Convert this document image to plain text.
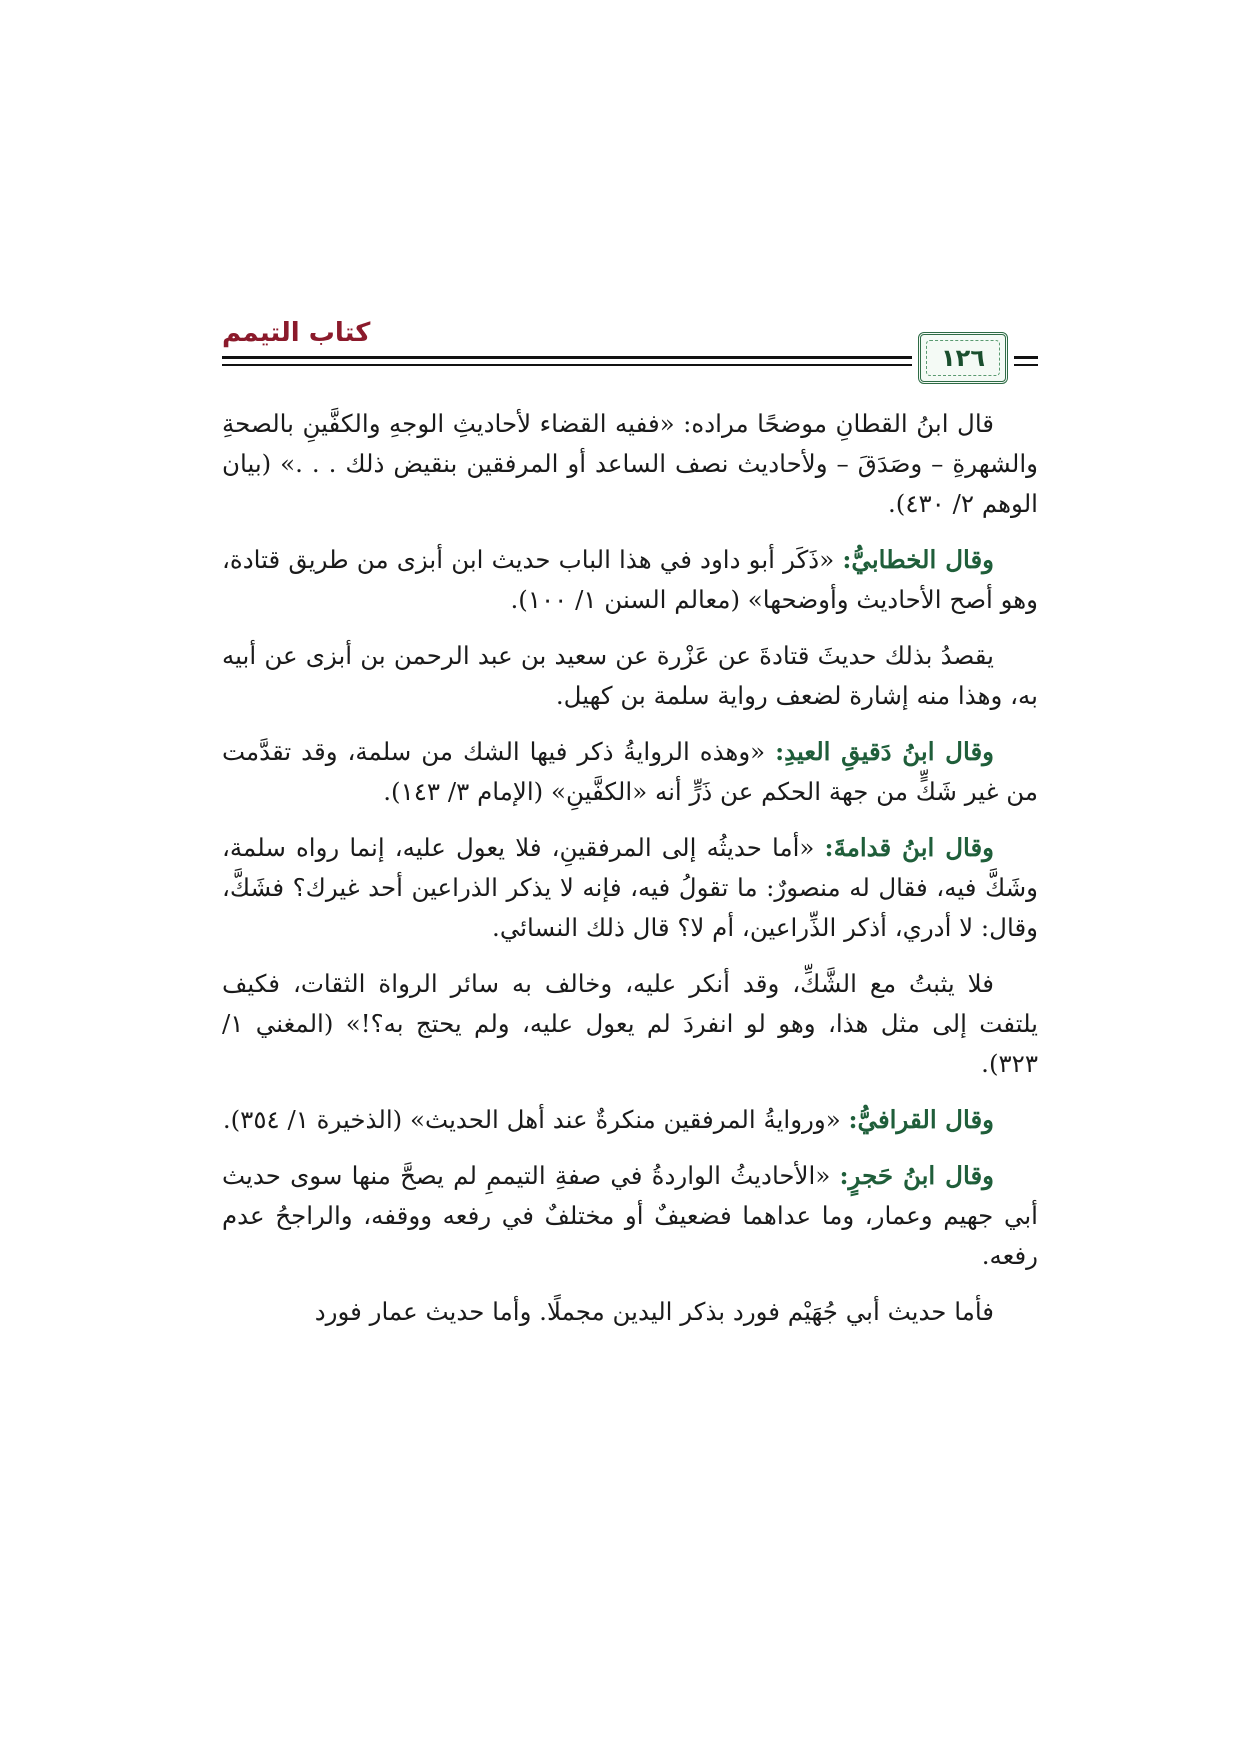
كتاب التيمم
١٢٦

قال ابنُ القطانِ موضحًا مراده: «ففيه القضاء لأحاديثِ الوجهِ والكفَّينِ بالصحةِ والشهرةِ – وصَدَقَ – ولأحاديث نصف الساعد أو المرفقين بنقيض ذلك . . .» (بيان الوهم ٢/ ٤٣٠).

وقال الخطابيُّ: «ذَكَر أبو داود في هذا الباب حديث ابن أبزى من طريق قتادة، وهو أصح الأحاديث وأوضحها» (معالم السنن ١/ ١٠٠).

يقصدُ بذلك حديثَ قتادةَ عن عَزْرة عن سعيد بن عبد الرحمن بن أبزى عن أبيه به، وهذا منه إشارة لضعف رواية سلمة بن كهيل.

وقال ابنُ دَقيقِ العيدِ: «وهذه الروايةُ ذكر فيها الشك من سلمة، وقد تقدَّمت من غير شَكٍّ من جهة الحكم عن ذَرٍّ أنه «الكفَّينِ» (الإمام ٣/ ١٤٣).

وقال ابنُ قدامةَ: «أما حديثُه إلى المرفقينِ، فلا يعول عليه، إنما رواه سلمة، وشَكَّ فيه، فقال له منصورٌ: ما تقولُ فيه، فإنه لا يذكر الذراعين أحد غيرك؟ فشَكَّ، وقال: لا أدري، أذكر الذِّراعين، أم لا؟ قال ذلك النسائي.

فلا يثبتُ مع الشَّكِّ، وقد أنكر عليه، وخالف به سائر الرواة الثقات، فكيف يلتفت إلى مثل هذا، وهو لو انفردَ لم يعول عليه، ولم يحتج به؟!» (المغني ١/ ٣٢٣).

وقال القرافيُّ: «وروايةُ المرفقين منكرةٌ عند أهل الحديث» (الذخيرة ١/ ٣٥٤).

وقال ابنُ حَجرٍ: «الأحاديثُ الواردةُ في صفةِ التيممِ لم يصحَّ منها سوى حديث أبي جهيم وعمار، وما عداهما فضعيفٌ أو مختلفٌ في رفعه ووقفه، والراجحُ عدم رفعه.

فأما حديث أبي جُهَيْم فورد بذكر اليدين مجملًا. وأما حديث عمار فورد
